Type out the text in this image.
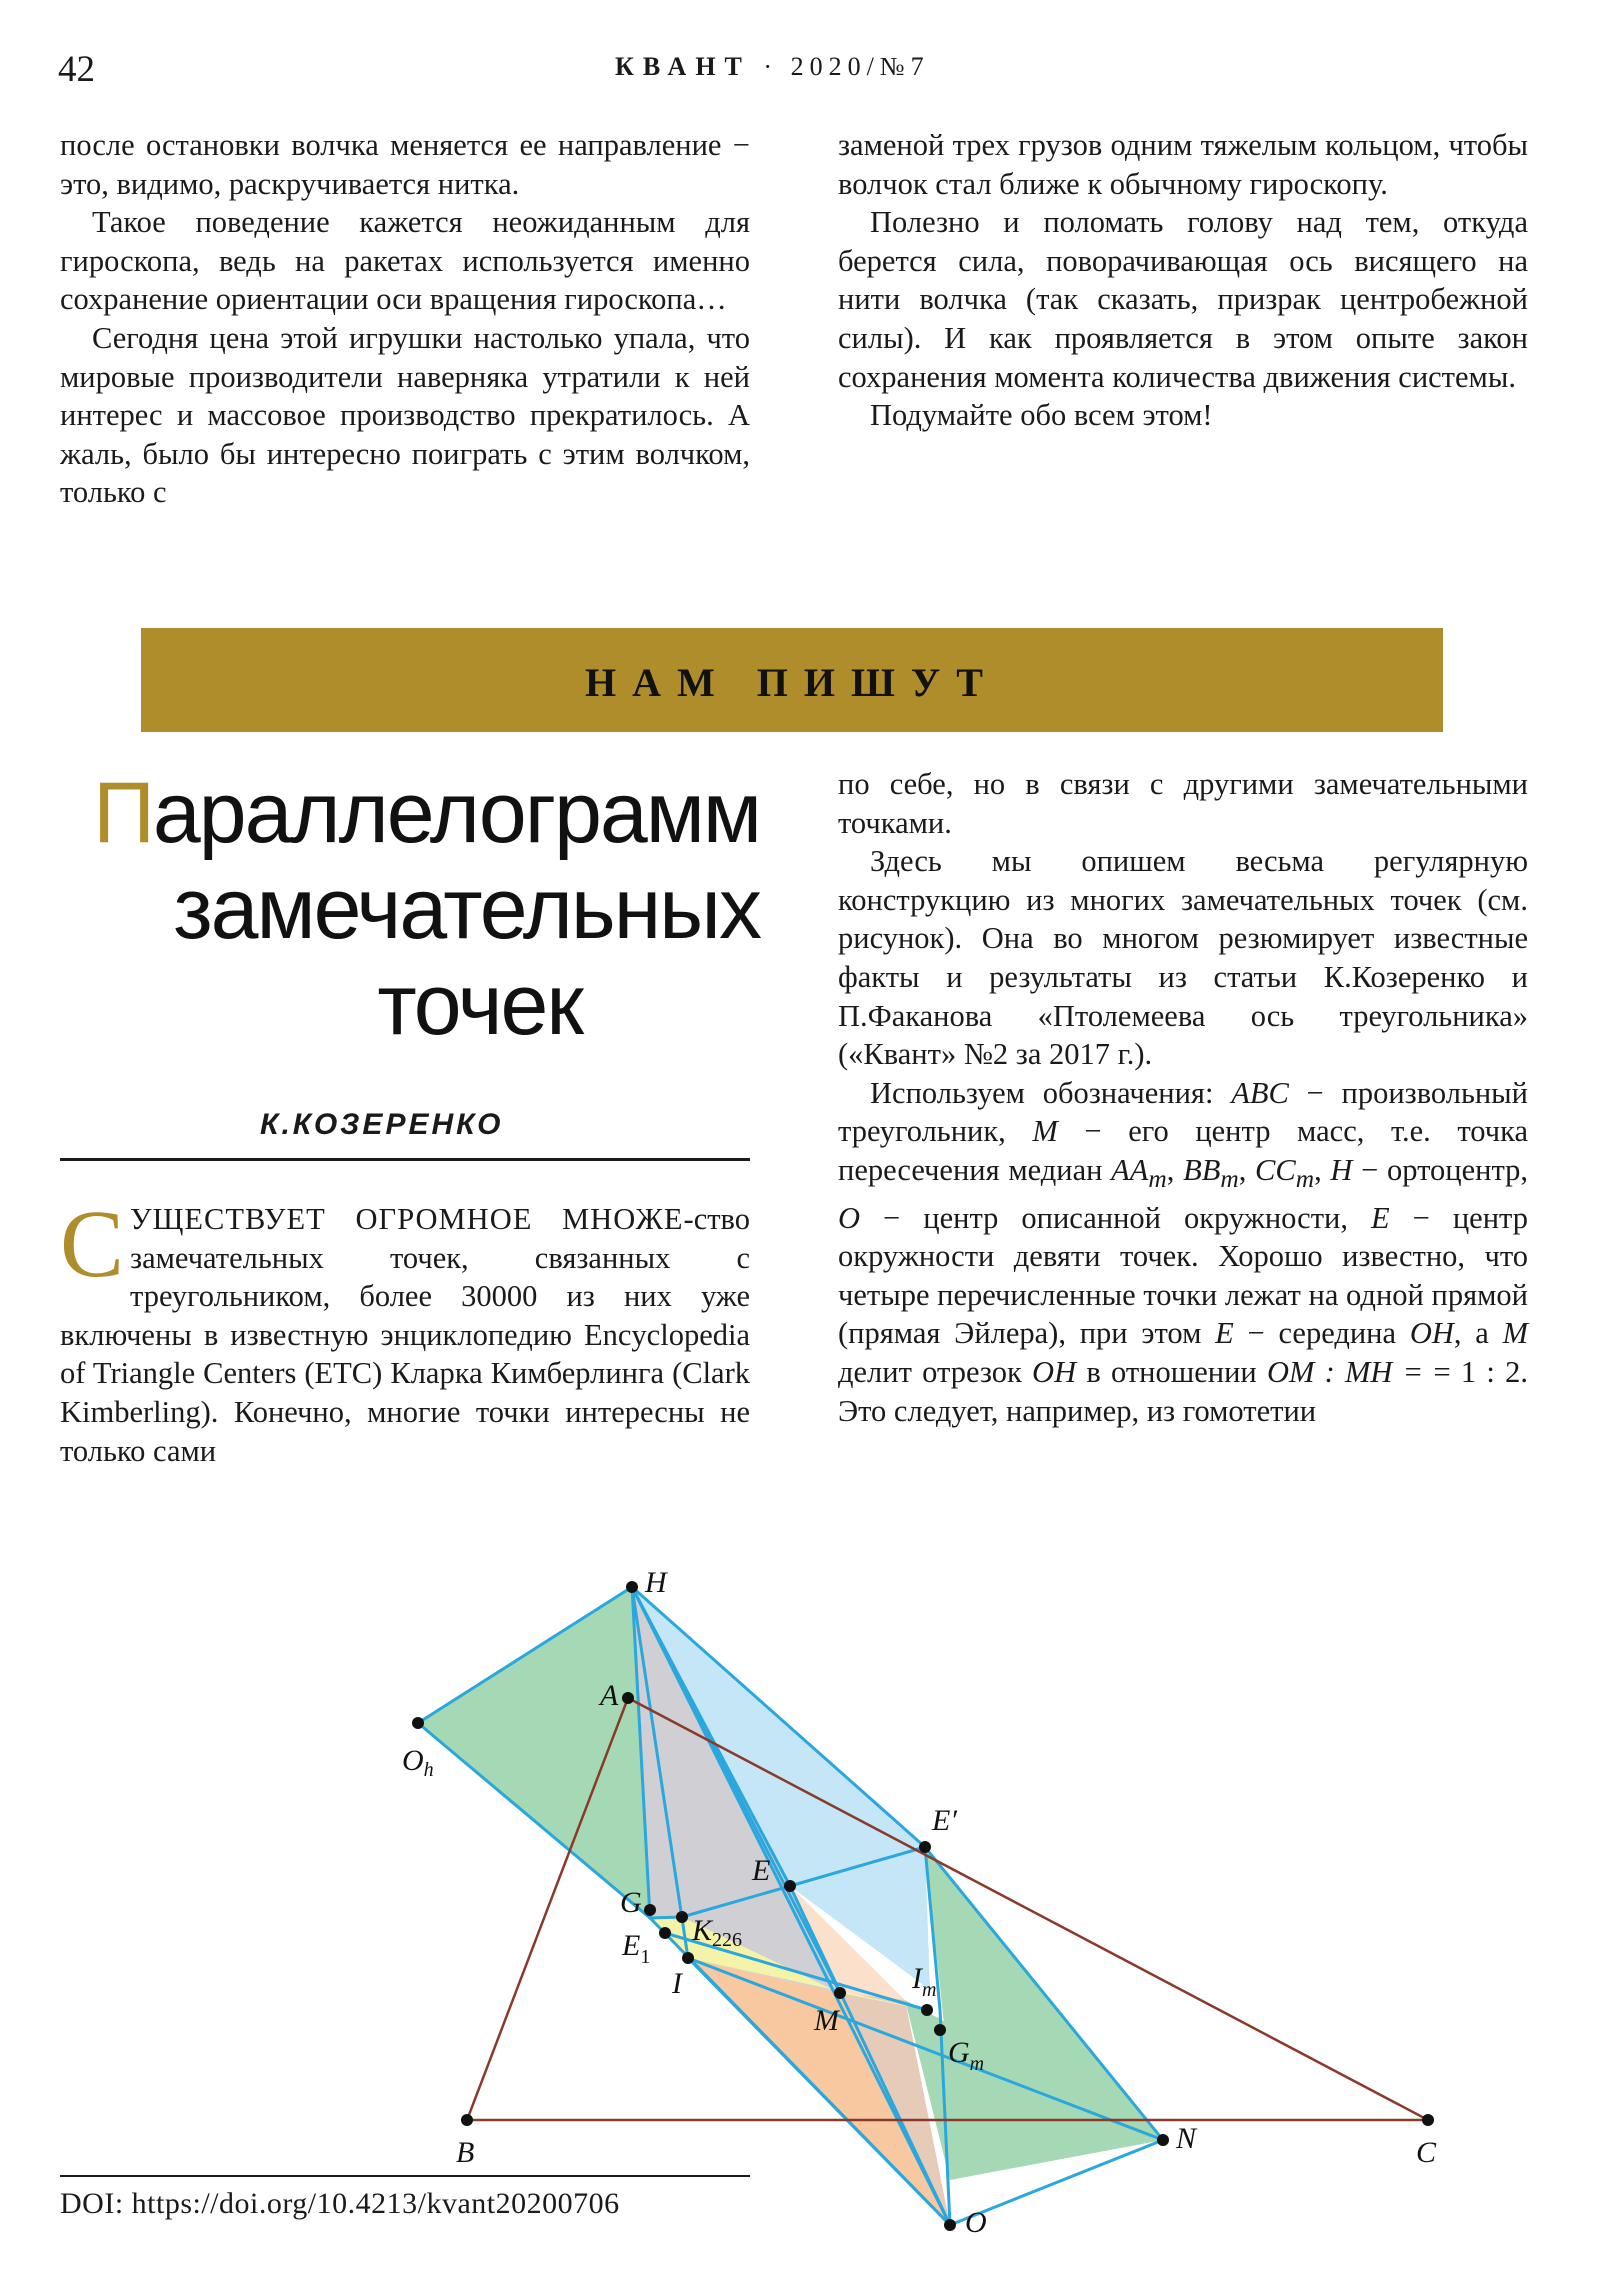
42	КВАНТ · 2020/№7

после остановки волчка меняется ее направление − это, видимо, раскручивается нитка.

Такое поведение кажется неожиданным для гироскопа, ведь на ракетах используется именно сохранение ориентации оси вращения гироскопа…

Сегодня цена этой игрушки настолько упала, что мировые производители наверняка утратили к ней интерес и массовое производство прекратилось. А жаль, было бы интересно поиграть с этим волчком, только с

заменой трех грузов одним тяжелым кольцом, чтобы волчок стал ближе к обычному гироскопу.

Полезно и поломать голову над тем, откуда берется сила, поворачивающая ось висящего на нити волчка (так сказать, призрак центробежной силы). И как проявляется в этом опыте закон сохранения момента количества движения системы.

Подумайте обо всем этом!

НАМ ПИШУТ
Параллелограмм
замечательных
точек
К.КОЗЕРЕНКО

СУЩЕСТВУЕТ ОГРОМНОЕ МНОЖЕ-ство замечательных точек, связанных с треугольником, более 30000 из них уже включены в известную энциклопедию Encyclopedia of Triangle Centers (ETC) Кларка Кимберлинга (Clark Kimberling). Конечно, многие точки интересны не только сами

по себе, но в связи с другими замечательными точками.

Здесь мы опишем весьма регулярную конструкцию из многих замечательных точек (см. рисунок). Она во многом резюмирует известные факты и результаты из статьи К.Козеренко и П.Факанова «Птолемеева ось треугольника» («Квант» №2 за 2017 г.).

Используем обозначения: ABC − произвольный треугольник, M − его центр масс, т.е. точка пересечения медиан $AA_m$, $BB_m$, $CC_m$, H − ортоцентр, O − центр описанной окружности, E − центр окружности девяти точек. Хорошо известно, что четыре перечисленные точки лежат на одной прямой (прямая Эйлера), при этом E − середина OH, а M делит отрезок OH в отношении OM : MH = = 1 : 2. Это следует, например, из гомотетии

H
$O_h$
A
E′
E
G
$K_{226}$
$E_1$
I
M
$I_m$
$G_m$
N
B	C
O
DOI: https://doi.org/10.4213/kvant20200706
